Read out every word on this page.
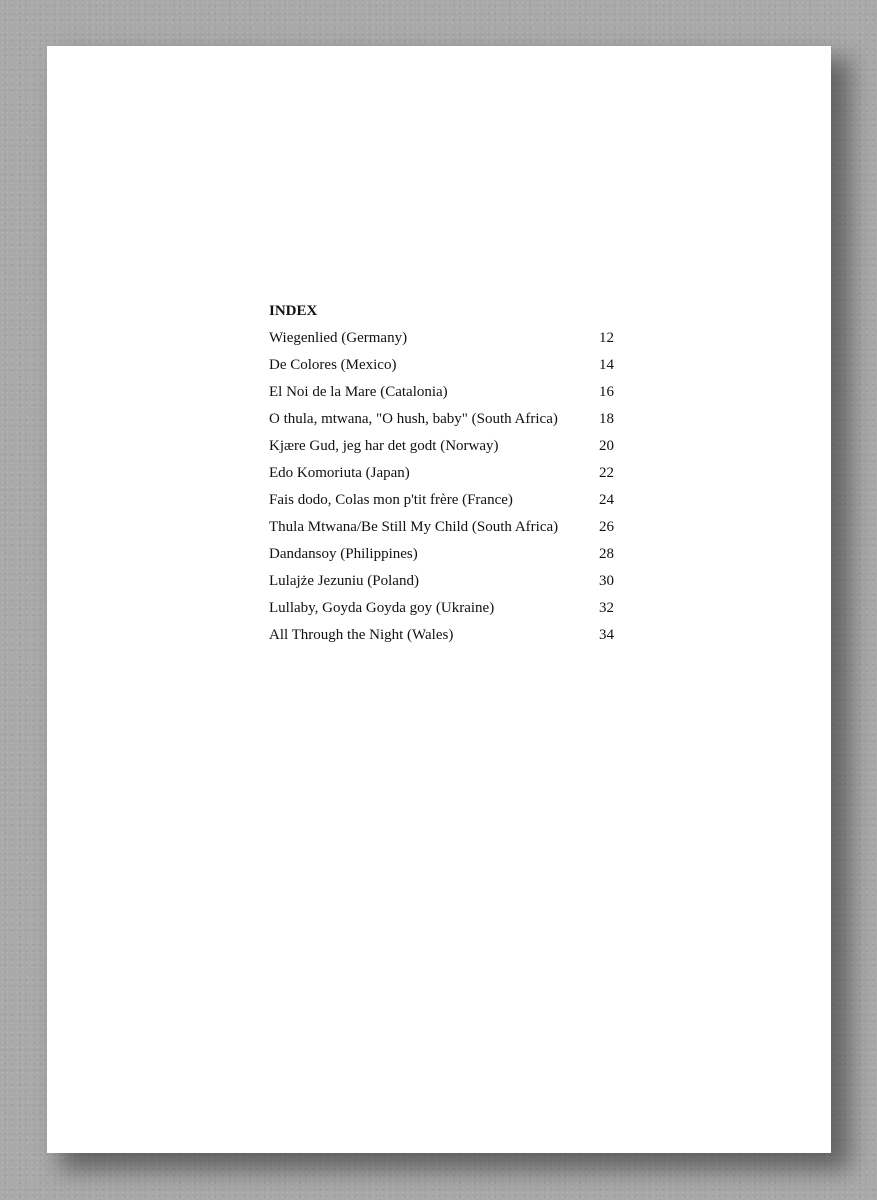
INDEX
Wiegenlied (Germany)	12
De Colores (Mexico)	14
El Noi de la Mare (Catalonia)	16
O thula, mtwana, "O hush, baby" (South Africa)	18
Kjære Gud, jeg har det godt (Norway)	20
Edo Komoriuta (Japan)	22
Fais dodo, Colas mon p'tit frère (France)	24
Thula Mtwana/Be Still My Child (South Africa)	26
Dandansoy (Philippines)	28
Lulajże Jezuniu (Poland)	30
Lullaby, Goyda Goyda goy (Ukraine)	32
All Through the Night (Wales)	34
